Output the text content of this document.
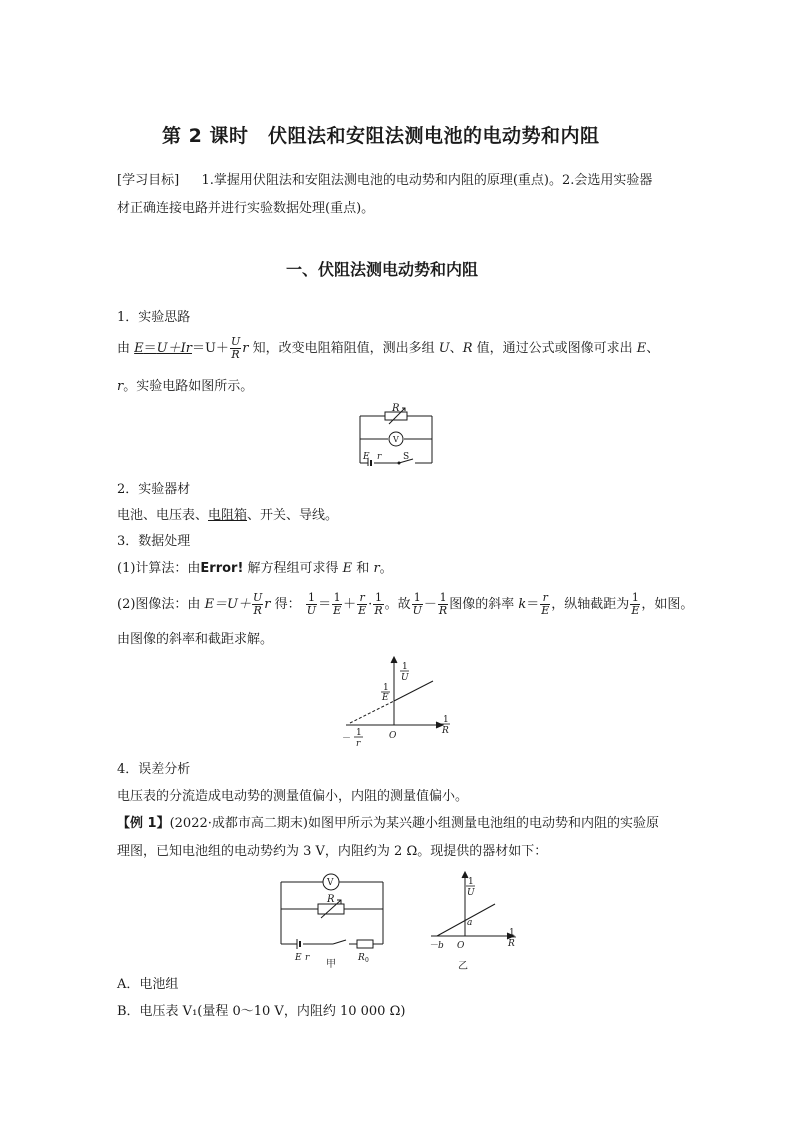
第 2 课时　伏阻法和安阻法测电池的电动势和内阻
[学习目标] 1.掌握用伏阻法和安阻法测电池的电动势和内阻的原理(重点)。2.会选用实验器
材正确连接电路并进行实验数据处理(重点)。
一、伏阻法测电动势和内阻
1．实验思路
由 $E=U+Ir=U+ \frac{U}{R}$ r 知，改变电阻箱阻值，测出多组 U、R 值，通过公式或图像可求出 E、
r。实验电路如图所示。
R
V
E r S
2．实验器材
电池、电压表、电阻箱、开关、导线。
3．数据处理
(1)计算法：由Error! 解方程组可求得 E 和 r。
(2)图像法：由 $E=U+ \frac{U}{R}$ r 得： $\frac{1}{U} = \frac{1}{E} + \frac{r}{E} \cdot \frac{1}{R}$ 。故 $\frac{1}{U} - \frac{1}{R}$ 图像的斜率 $k= \frac{r}{E}$ ，纵轴截距为 $\frac{1}{E}$ ，如图。
由图像的斜率和截距求解。
1
U
1
E
1
R
O
－
1
r
4．误差分析
电压表的分流造成电动势的测量值偏小，内阻的测量值偏小。
【例 1】(2022·成都市高二期末)如图甲所示为某兴趣小组测量电池组的电动势和内阻的实验原
理图，已知电池组的电动势约为 3 V，内阻约为 2 Ω。现提供的器材如下：
V
R
E r	R 0
甲
1
U
a
－b O
1
R
乙
A．电池组
B．电压表 V₁(量程 0～10 V，内阻约 10 000 Ω)
